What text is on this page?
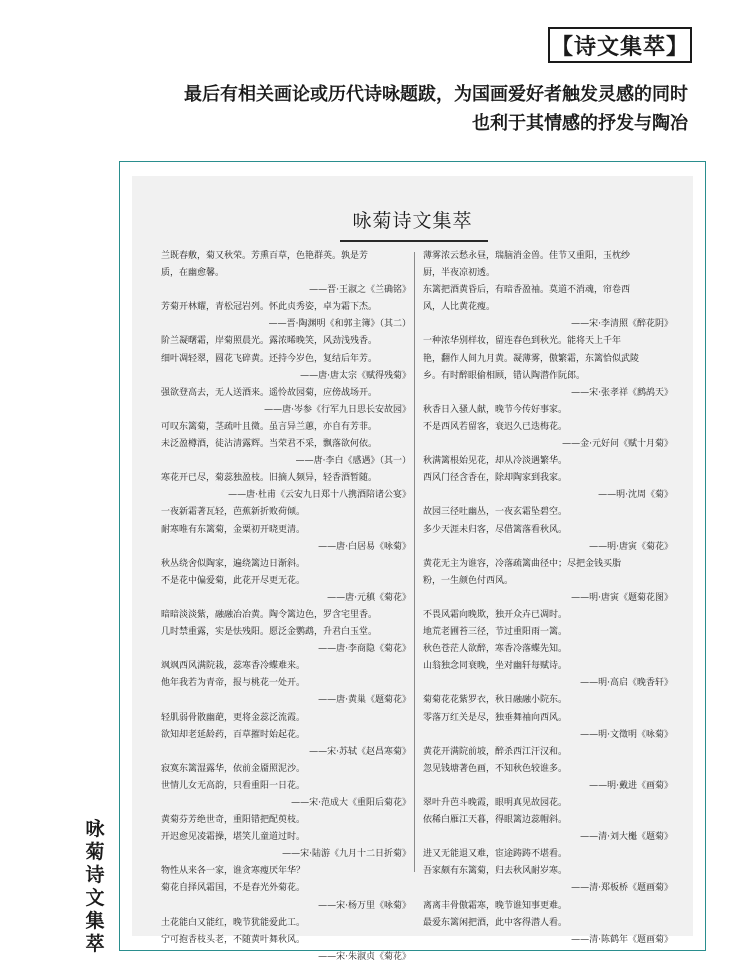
【诗文集萃】
最后有相关画论或历代诗咏题跋，为国画爱好者触发灵感的同时
也利于其情感的抒发与陶冶
咏菊诗文集萃
兰既春敷，菊又秋荣。芳熏百草，色艳群英。孰是芳
质，在幽愈馨。
——晋·王淑之《兰确铭》
芳菊开林耀，青松冠岩列。怀此贞秀姿，卓为霜下杰。
——晋·陶渊明《和郭主簿》（其二）
阶兰凝曙霜，岸菊照晨光。露浓晞晚笑，风劲浅残香。
细叶凋轻翠，圆花飞碎黄。还持今岁色，复结后年芳。
——唐·唐太宗《赋得残菊》
强欲登高去，无人送酒来。遥怜故园菊，应傍战场开。
——唐·岑参《行军九日思长安故园》
可叹东篱菊，茎疏叶且微。虽言异兰蕙，亦自有芳菲。
未泛盈樽酒，徒沾清露辉。当荣君不采，飘落欲何依。
——唐·李白《感遇》（其一）
寒花开已尽，菊蕊独盈枝。旧摘人频异，轻香酒暂随。
——唐·杜甫《云安九日郑十八携酒陪诸公宴》
一夜新霜著瓦轻，芭蕉新折败荷倾。
耐寒唯有东篱菊，金粟初开晓更清。
——唐·白居易《咏菊》
秋丛绕舍似陶家，遍绕篱边日渐斜。
不是花中偏爱菊，此花开尽更无花。
——唐·元稹《菊花》
暗暗淡淡紫，融融冶冶黄。陶令篱边色，罗含宅里香。
几时禁重露，实是怯残阳。愿泛金鹦鹉，升君白玉堂。
——唐·李商隐《菊花》
飒飒西风满院栽，蕊寒香冷蝶难来。
他年我若为青帝，报与桃花一处开。
——唐·黄巢《题菊花》
轻肌弱骨散幽葩，更将金蕊泛流霞。
欲知却老延龄药，百草摧时始起花。
——宋·苏轼《赵昌寒菊》
寂寞东篱湿露华，依前金靥照泥沙。
世情儿女无高韵，只看重阳一日花。
——宋·范成大《重阳后菊花》
黄菊芬芳绝世奇，重阳错把配萸枝。
开迟愈见凌霜操，堪笑儿童道过时。
——宋·陆游《九月十二日折菊》
物性从来各一家，谁贪寒瘦厌年华？
菊花自择风霜国，不是春光外菊花。
——宋·杨万里《咏菊》
土花能白又能红，晚节犹能爱此工。
宁可抱香枝头老，不随黄叶舞秋风。
——宋·朱淑贞《菊花》
薄雾浓云愁永昼，瑞脑消金兽。佳节又重阳，玉枕纱
厨，半夜凉初透。
东篱把酒黄昏后，有暗香盈袖。莫道不消魂，帘卷西
风，人比黄花瘦。
——宋·李清照《醉花阴》
一种浓华别样妆，留连春色到秋光。能将天上千年
艳，翻作人间九月黄。凝薄雾，傲繁霜，东篱恰似武陵
乡。有时醉眼偷相顾，错认陶潜作阮郎。
——宋·张孝祥《鹧鸪天》
秋香日入骚人献，晚节今传好事家。
不是西风若留客，衰迟久已迭梅花。
——金·元好问《赋十月菊》
秋满篱根始见花，却从冷淡遇繁华。
西风门径含香在，除却陶家到我家。
——明·沈周《菊》
故园三径吐幽丛，一夜玄霜坠碧空。
多少天涯未归客，尽借篱落看秋风。
——明·唐寅《菊花》
黄花无主为谁容，冷落疏篱曲径中；尽把金钱买脂
粉，一生颜色付西风。
——明·唐寅《题菊花图》
不畏风霜向晚欺，独开众卉已凋时。
地荒老圃苔三径，节过重阳雨一篱。
秋色苍茫人欲醉，寒香冷落蝶先知。
山翁独念同衰晚，坐对幽轩每赋诗。
——明·高启《晚香轩》
菊菊花花紫罗衣，秋日融融小院东。
零落万红关是尽，独垂舞袖向西风。
——明·文徵明《咏菊》
黄花开满院前坡，醉杀西江汗汉和。
忽见钱塘著色画，不知秋色较谁多。
——明·戴进《画菊》
翠叶升芭斗晚霞，眼明真见故园花。
依稀白雁江天暮，得眼篱边蕊帽斜。
——清·刘大櫆《题菊》
进又无能退又难，宦途踌踌不堪看。
吾家颇有东篱菊，归去秋风耐岁寒。
——清·郑板桥《题画菊》
离离丰骨傲霜寒，晚节谁知事更难。
最爱东篱闲把酒，此中客得潜人看。
——清·陈鹤年《题画菊》
咏
菊
诗
文
集
萃
